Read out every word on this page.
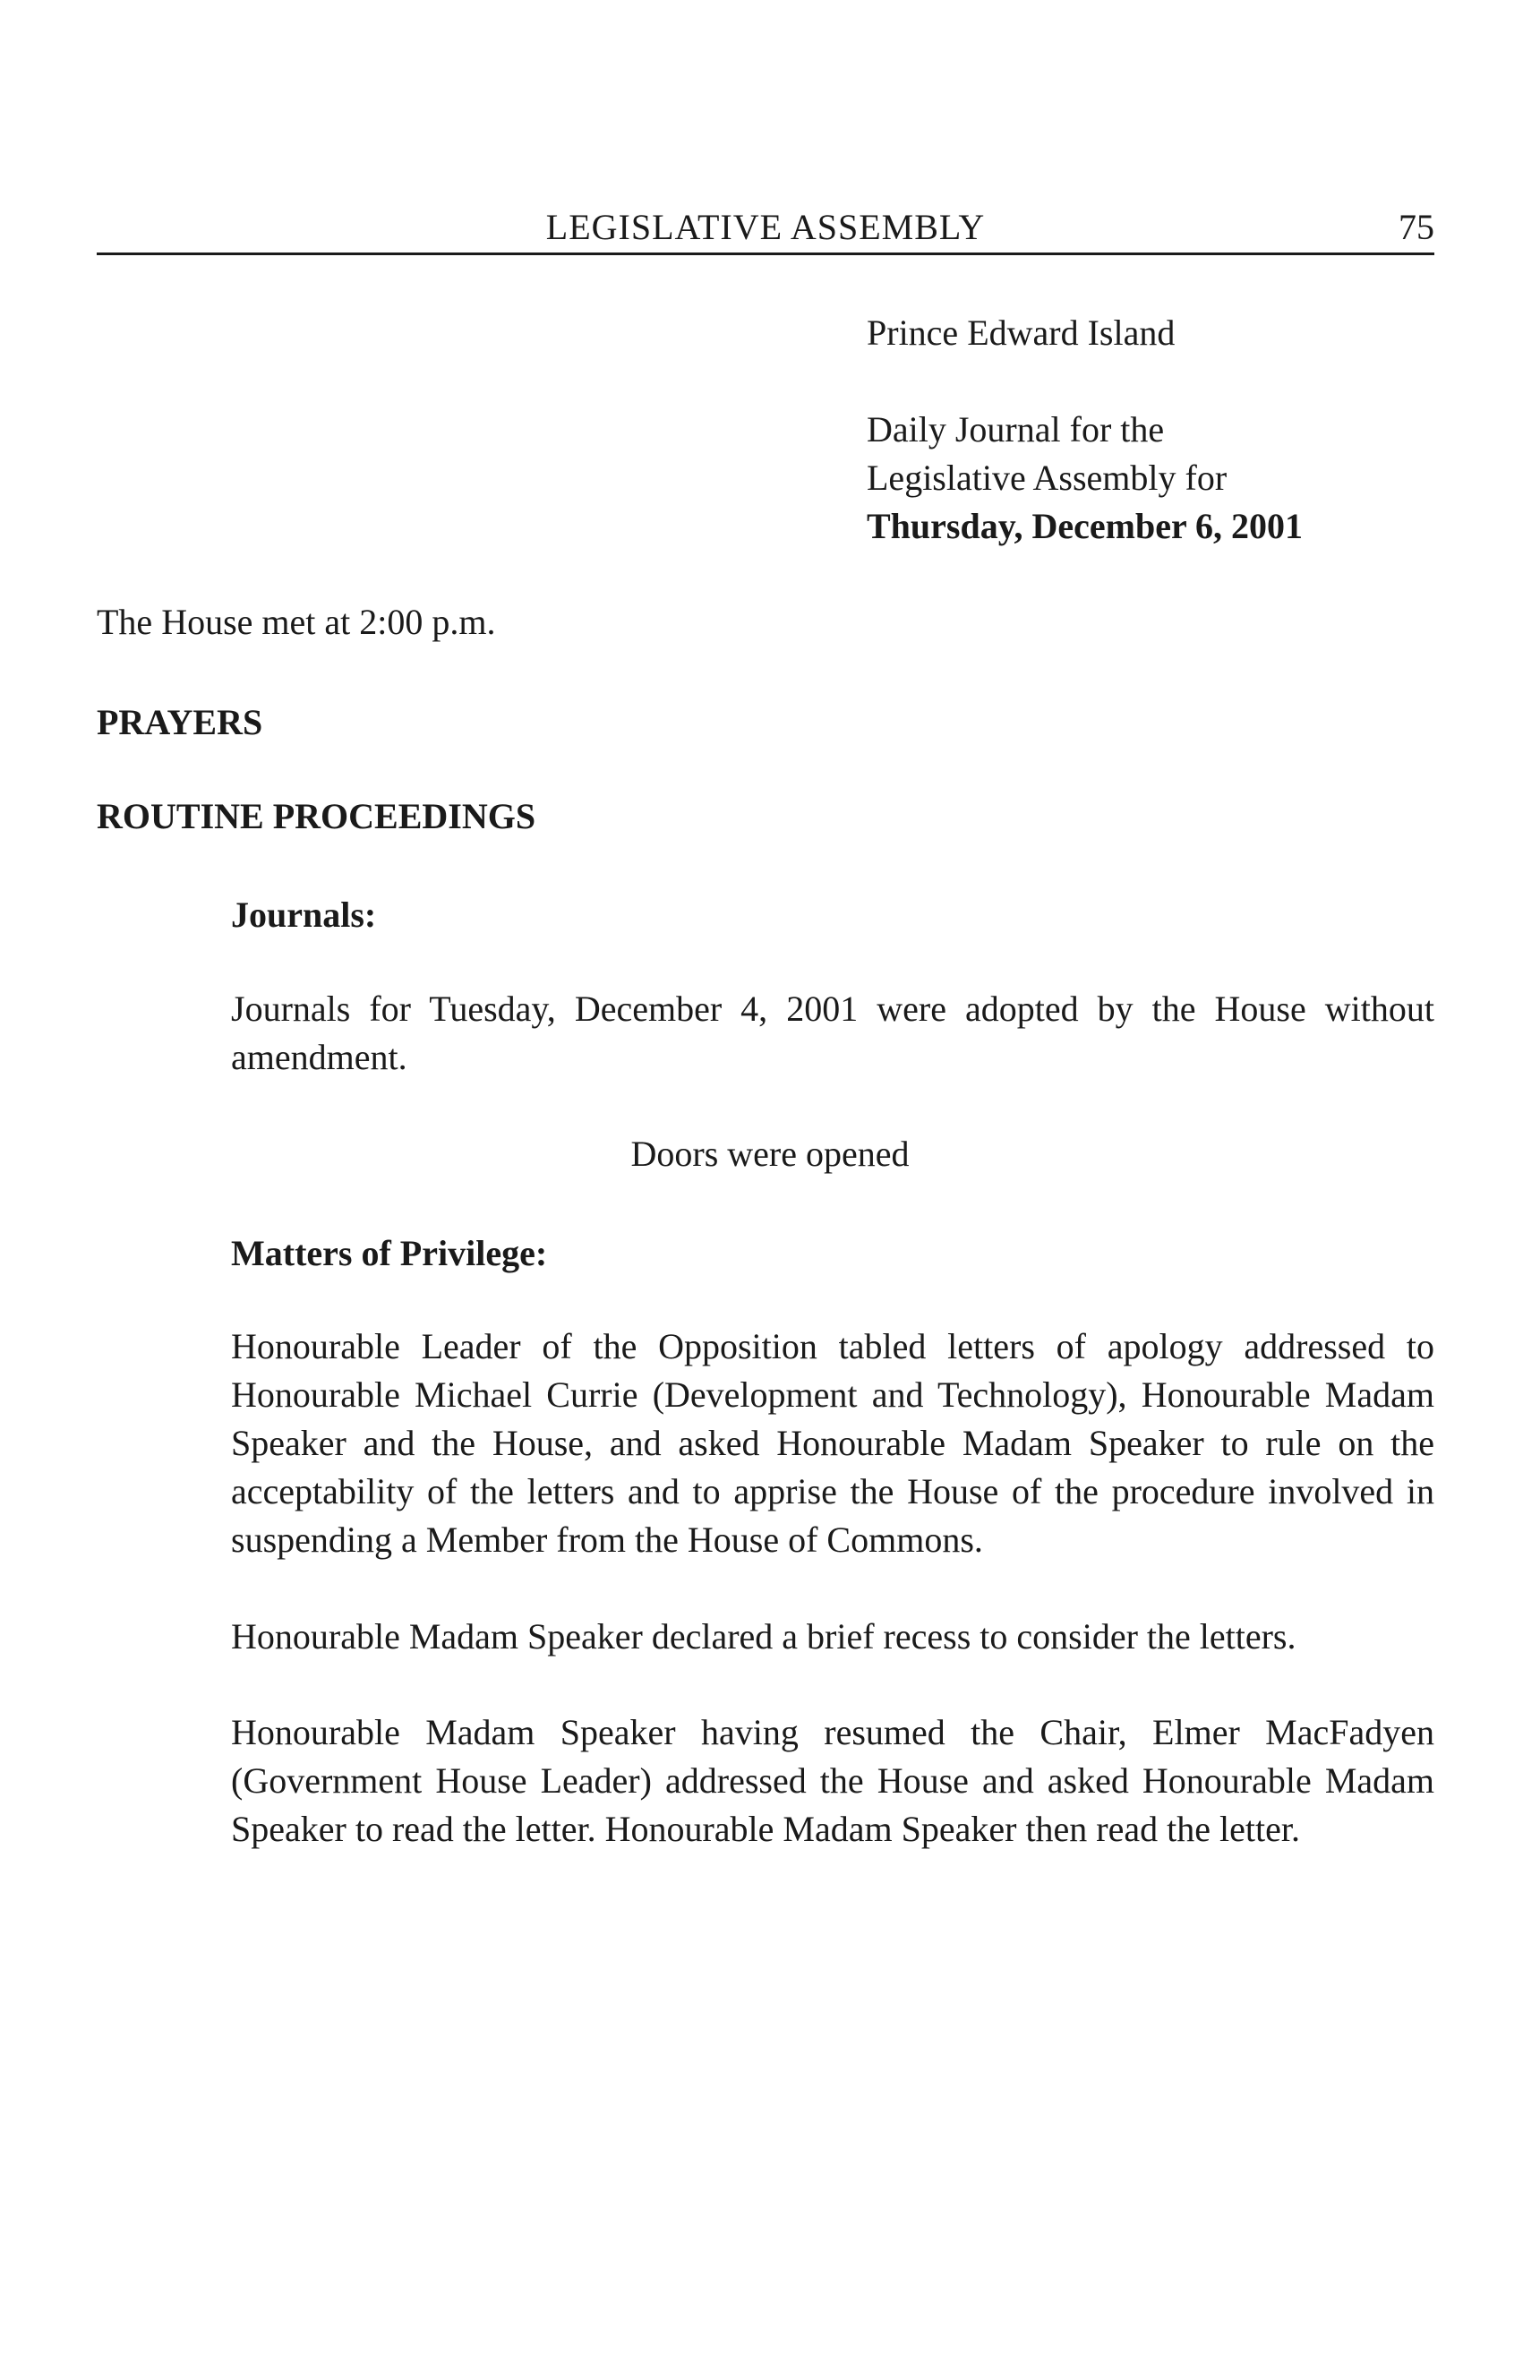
LEGISLATIVE ASSEMBLY	75
Prince Edward Island
Daily Journal for the
Legislative Assembly for
Thursday, December 6, 2001
The House met at 2:00 p.m.
PRAYERS
ROUTINE PROCEEDINGS
Journals:
Journals for Tuesday, December 4, 2001 were adopted by the House without amendment.
Doors were opened
Matters of Privilege:
Honourable Leader of the Opposition tabled letters of apology addressed to Honourable Michael Currie (Development and Technology), Honourable Madam Speaker and the House, and asked Honourable Madam Speaker to rule on the acceptability of the letters and to apprise the House of the procedure involved in suspending a Member from the House of Commons.
Honourable Madam Speaker declared a brief recess to consider the letters.
Honourable Madam Speaker having resumed the Chair, Elmer MacFadyen (Government House Leader) addressed the House and asked Honourable Madam Speaker to read the letter. Honourable Madam Speaker then read the letter.
